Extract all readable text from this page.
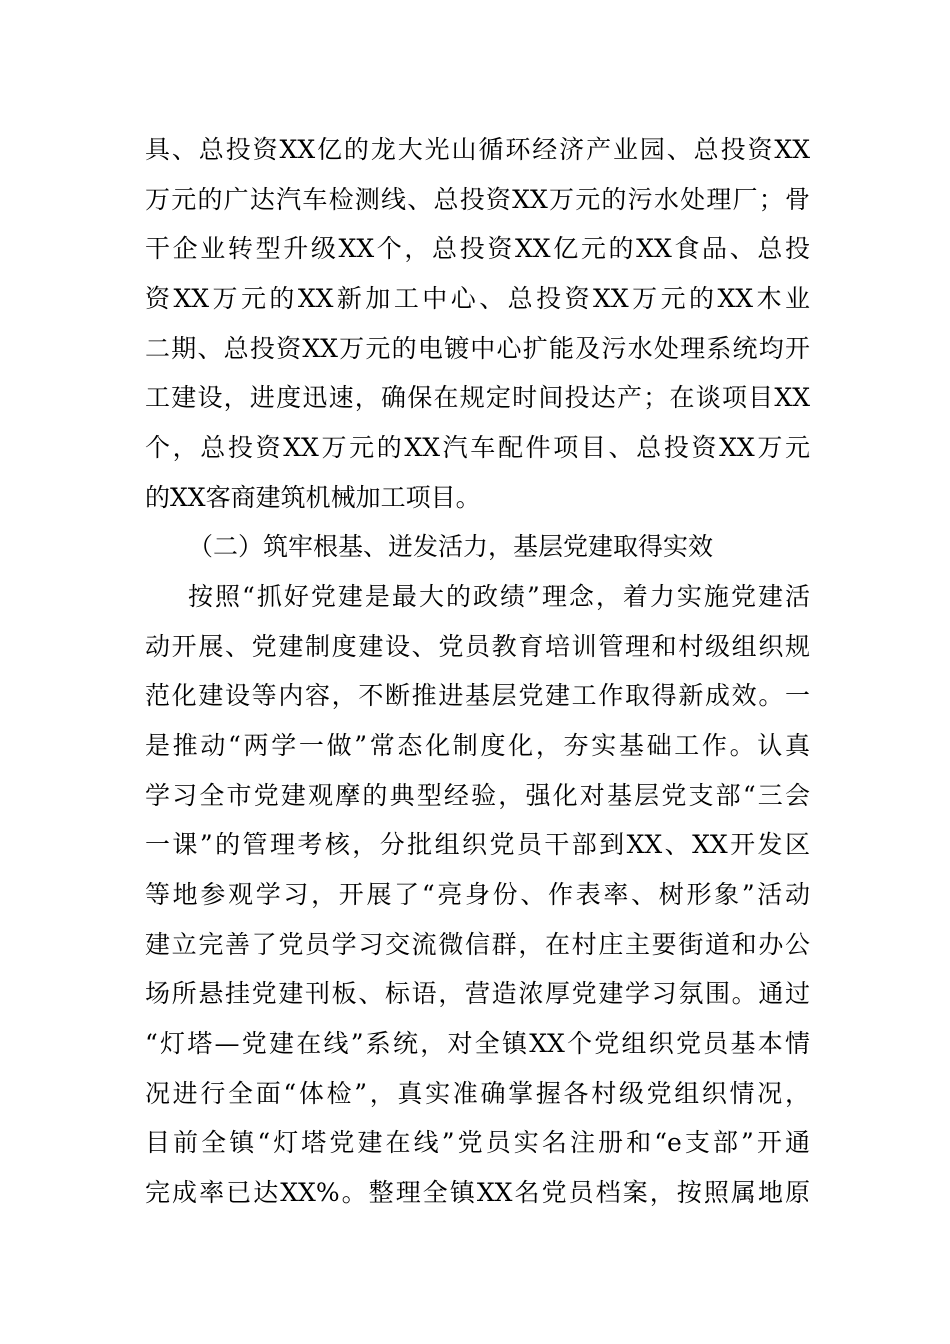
具、总投资XX亿的龙大光山循环经济产业园、总投资XX
万元的广达汽车检测线、总投资XX万元的污水处理厂；骨
干企业转型升级XX个，总投资XX亿元的XX食品、总投
资XX万元的XX新加工中心、总投资XX万元的XX木业
二期、总投资XX万元的电镀中心扩能及污水处理系统均开
工建设，进度迅速，确保在规定时间投达产；在谈项目XX
个，总投资XX万元的XX汽车配件项目、总投资XX万元
的XX客商建筑机械加工项目。
（二）筑牢根基、迸发活力，基层党建取得实效
按照“抓好党建是最大的政绩”理念，着力实施党建活
动开展、党建制度建设、党员教育培训管理和村级组织规
范化建设等内容，不断推进基层党建工作取得新成效。一
是推动“两学一做”常态化制度化，夯实基础工作。认真
学习全市党建观摩的典型经验，强化对基层党支部“三会
一课”的管理考核，分批组织党员干部到XX、XX开发区
等地参观学习，开展了“亮身份、作表率、树形象”活动
建立完善了党员学习交流微信群，在村庄主要街道和办公
场所悬挂党建刊板、标语，营造浓厚党建学习氛围。通过
“灯塔—党建在线”系统，对全镇XX个党组织党员基本情
况进行全面“体检”，真实准确掌握各村级党组织情况，
目前全镇“灯塔党建在线”党员实名注册和“e支部”开通
完成率已达XX%。整理全镇XX名党员档案，按照属地原
